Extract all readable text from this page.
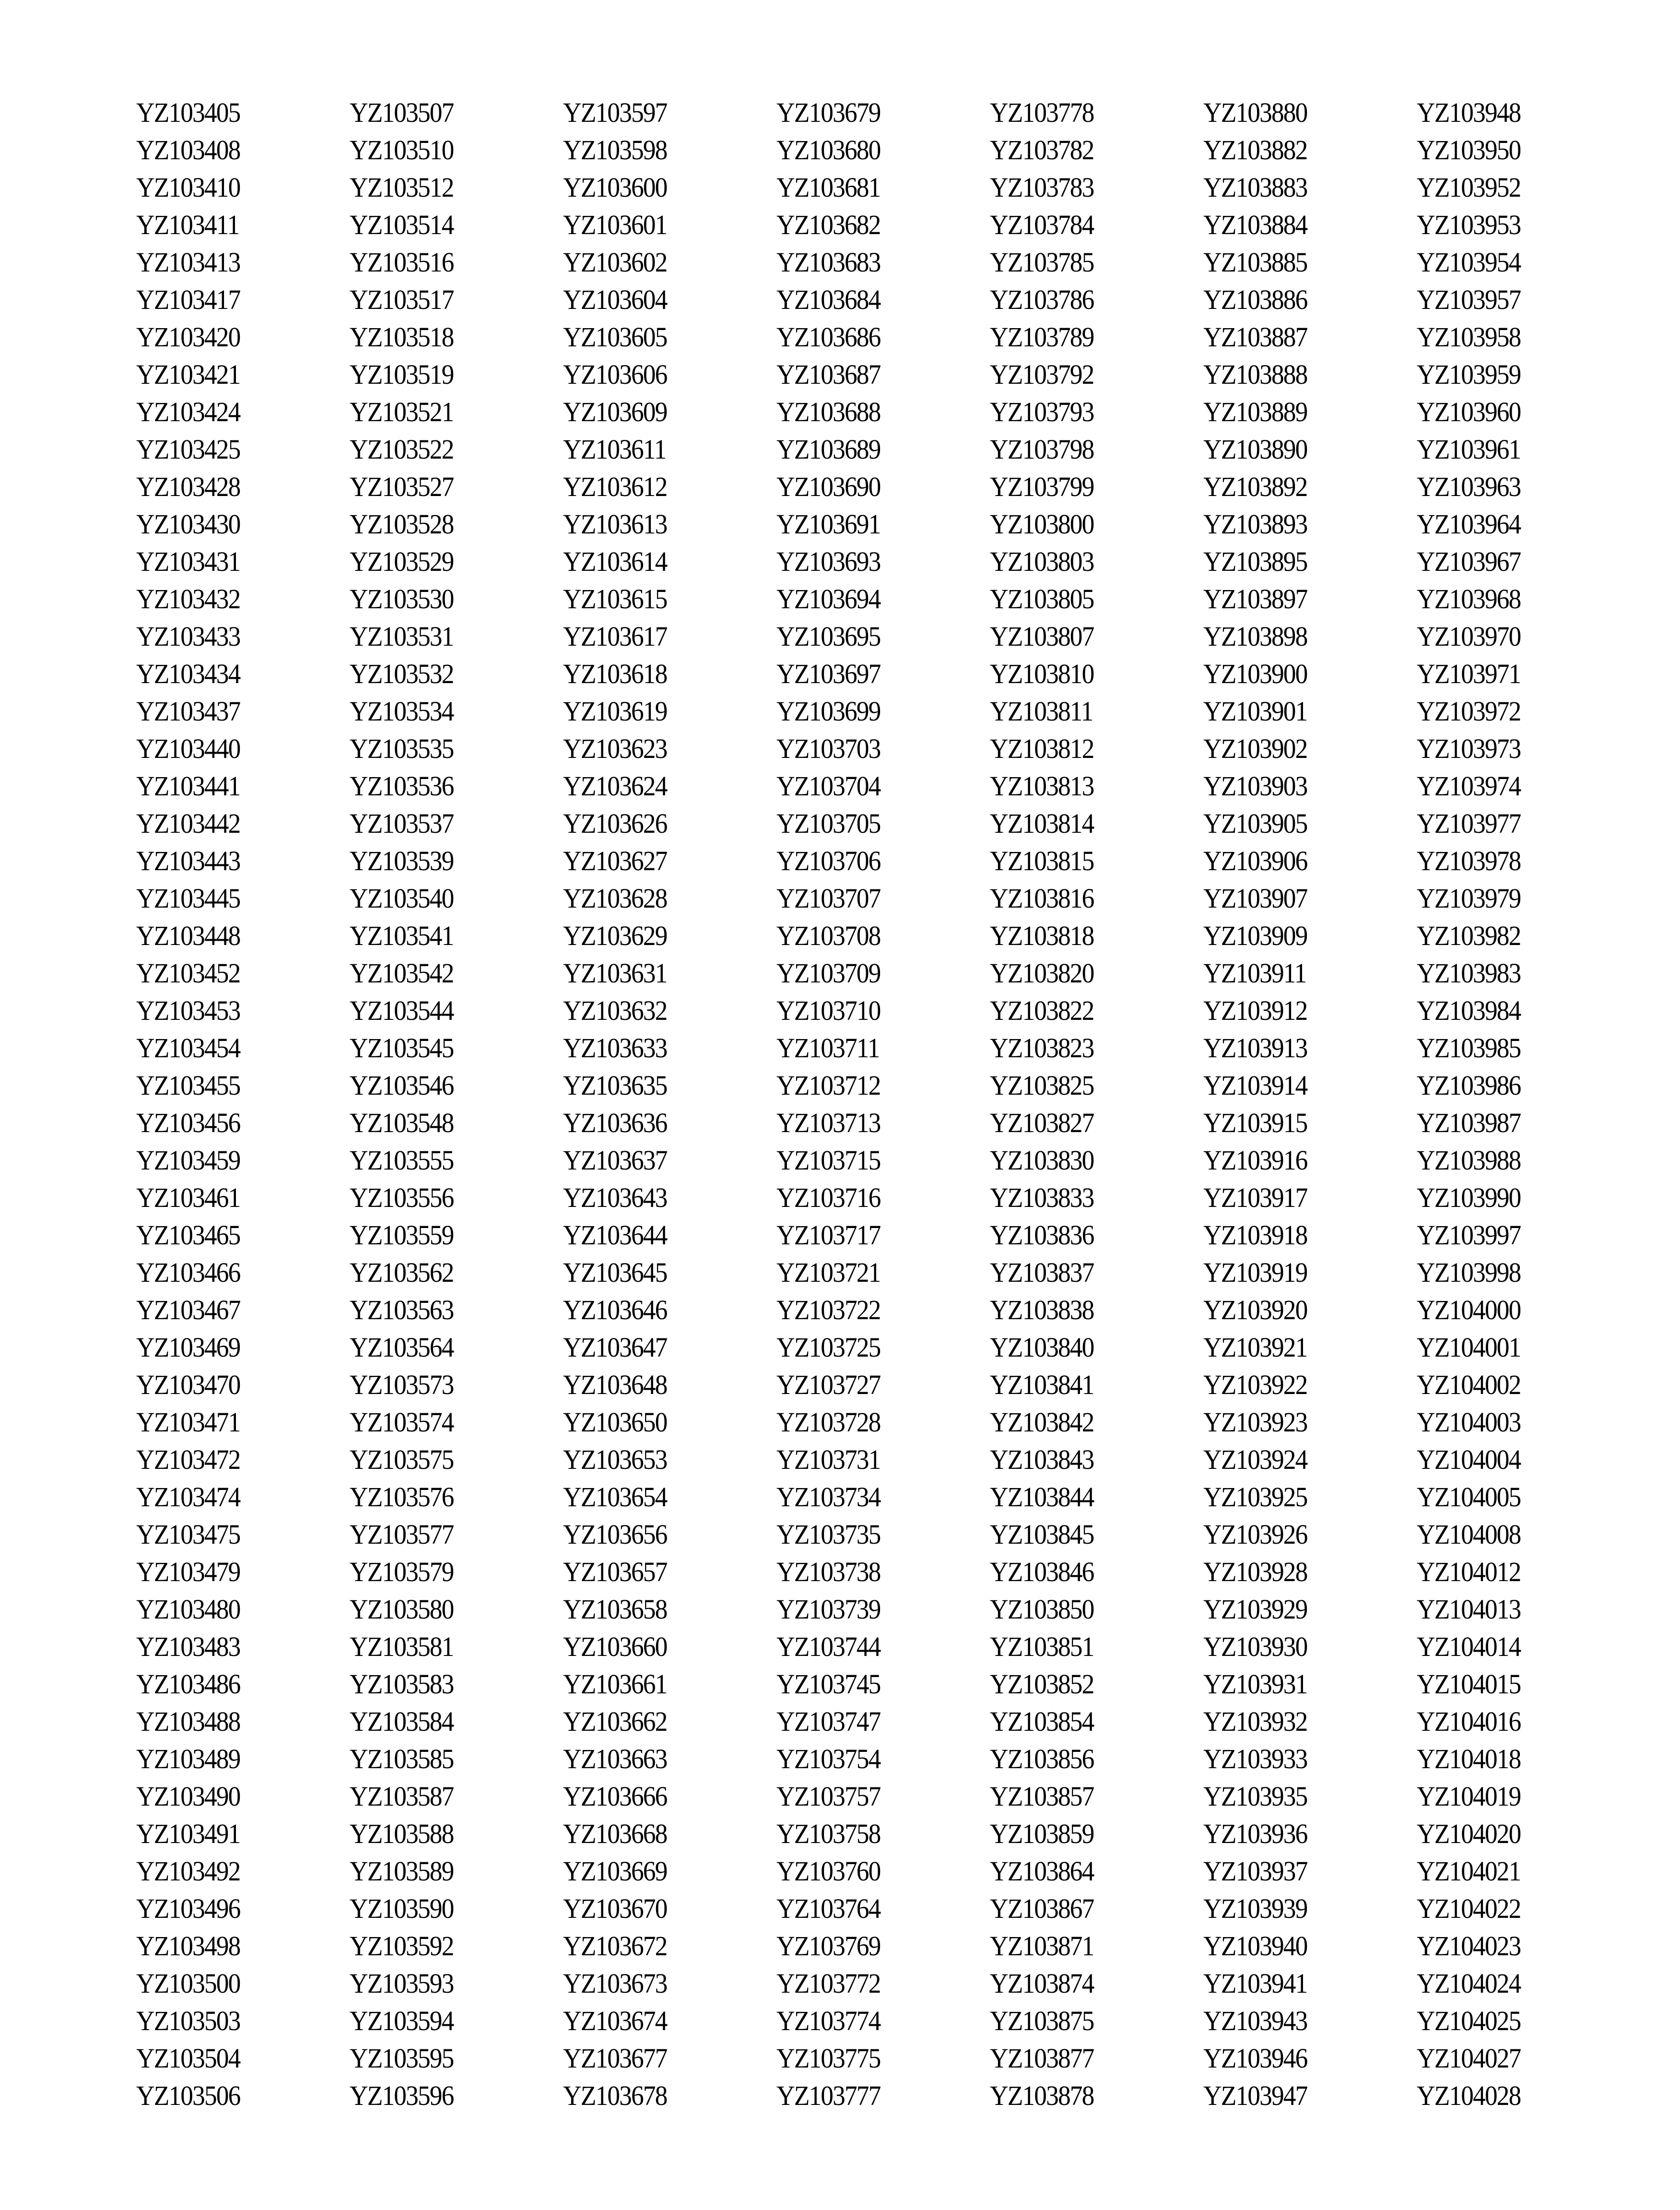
YZ103405
YZ103408
YZ103410
YZ103411
YZ103413
YZ103417
YZ103420
YZ103421
YZ103424
YZ103425
YZ103428
YZ103430
YZ103431
YZ103432
YZ103433
YZ103434
YZ103437
YZ103440
YZ103441
YZ103442
YZ103443
YZ103445
YZ103448
YZ103452
YZ103453
YZ103454
YZ103455
YZ103456
YZ103459
YZ103461
YZ103465
YZ103466
YZ103467
YZ103469
YZ103470
YZ103471
YZ103472
YZ103474
YZ103475
YZ103479
YZ103480
YZ103483
YZ103486
YZ103488
YZ103489
YZ103490
YZ103491
YZ103492
YZ103496
YZ103498
YZ103500
YZ103503
YZ103504
YZ103506
YZ103507
YZ103510
YZ103512
YZ103514
YZ103516
YZ103517
YZ103518
YZ103519
YZ103521
YZ103522
YZ103527
YZ103528
YZ103529
YZ103530
YZ103531
YZ103532
YZ103534
YZ103535
YZ103536
YZ103537
YZ103539
YZ103540
YZ103541
YZ103542
YZ103544
YZ103545
YZ103546
YZ103548
YZ103555
YZ103556
YZ103559
YZ103562
YZ103563
YZ103564
YZ103573
YZ103574
YZ103575
YZ103576
YZ103577
YZ103579
YZ103580
YZ103581
YZ103583
YZ103584
YZ103585
YZ103587
YZ103588
YZ103589
YZ103590
YZ103592
YZ103593
YZ103594
YZ103595
YZ103596
YZ103597
YZ103598
YZ103600
YZ103601
YZ103602
YZ103604
YZ103605
YZ103606
YZ103609
YZ103611
YZ103612
YZ103613
YZ103614
YZ103615
YZ103617
YZ103618
YZ103619
YZ103623
YZ103624
YZ103626
YZ103627
YZ103628
YZ103629
YZ103631
YZ103632
YZ103633
YZ103635
YZ103636
YZ103637
YZ103643
YZ103644
YZ103645
YZ103646
YZ103647
YZ103648
YZ103650
YZ103653
YZ103654
YZ103656
YZ103657
YZ103658
YZ103660
YZ103661
YZ103662
YZ103663
YZ103666
YZ103668
YZ103669
YZ103670
YZ103672
YZ103673
YZ103674
YZ103677
YZ103678
YZ103679
YZ103680
YZ103681
YZ103682
YZ103683
YZ103684
YZ103686
YZ103687
YZ103688
YZ103689
YZ103690
YZ103691
YZ103693
YZ103694
YZ103695
YZ103697
YZ103699
YZ103703
YZ103704
YZ103705
YZ103706
YZ103707
YZ103708
YZ103709
YZ103710
YZ103711
YZ103712
YZ103713
YZ103715
YZ103716
YZ103717
YZ103721
YZ103722
YZ103725
YZ103727
YZ103728
YZ103731
YZ103734
YZ103735
YZ103738
YZ103739
YZ103744
YZ103745
YZ103747
YZ103754
YZ103757
YZ103758
YZ103760
YZ103764
YZ103769
YZ103772
YZ103774
YZ103775
YZ103777
YZ103778
YZ103782
YZ103783
YZ103784
YZ103785
YZ103786
YZ103789
YZ103792
YZ103793
YZ103798
YZ103799
YZ103800
YZ103803
YZ103805
YZ103807
YZ103810
YZ103811
YZ103812
YZ103813
YZ103814
YZ103815
YZ103816
YZ103818
YZ103820
YZ103822
YZ103823
YZ103825
YZ103827
YZ103830
YZ103833
YZ103836
YZ103837
YZ103838
YZ103840
YZ103841
YZ103842
YZ103843
YZ103844
YZ103845
YZ103846
YZ103850
YZ103851
YZ103852
YZ103854
YZ103856
YZ103857
YZ103859
YZ103864
YZ103867
YZ103871
YZ103874
YZ103875
YZ103877
YZ103878
YZ103880
YZ103882
YZ103883
YZ103884
YZ103885
YZ103886
YZ103887
YZ103888
YZ103889
YZ103890
YZ103892
YZ103893
YZ103895
YZ103897
YZ103898
YZ103900
YZ103901
YZ103902
YZ103903
YZ103905
YZ103906
YZ103907
YZ103909
YZ103911
YZ103912
YZ103913
YZ103914
YZ103915
YZ103916
YZ103917
YZ103918
YZ103919
YZ103920
YZ103921
YZ103922
YZ103923
YZ103924
YZ103925
YZ103926
YZ103928
YZ103929
YZ103930
YZ103931
YZ103932
YZ103933
YZ103935
YZ103936
YZ103937
YZ103939
YZ103940
YZ103941
YZ103943
YZ103946
YZ103947
YZ103948
YZ103950
YZ103952
YZ103953
YZ103954
YZ103957
YZ103958
YZ103959
YZ103960
YZ103961
YZ103963
YZ103964
YZ103967
YZ103968
YZ103970
YZ103971
YZ103972
YZ103973
YZ103974
YZ103977
YZ103978
YZ103979
YZ103982
YZ103983
YZ103984
YZ103985
YZ103986
YZ103987
YZ103988
YZ103990
YZ103997
YZ103998
YZ104000
YZ104001
YZ104002
YZ104003
YZ104004
YZ104005
YZ104008
YZ104012
YZ104013
YZ104014
YZ104015
YZ104016
YZ104018
YZ104019
YZ104020
YZ104021
YZ104022
YZ104023
YZ104024
YZ104025
YZ104027
YZ104028
